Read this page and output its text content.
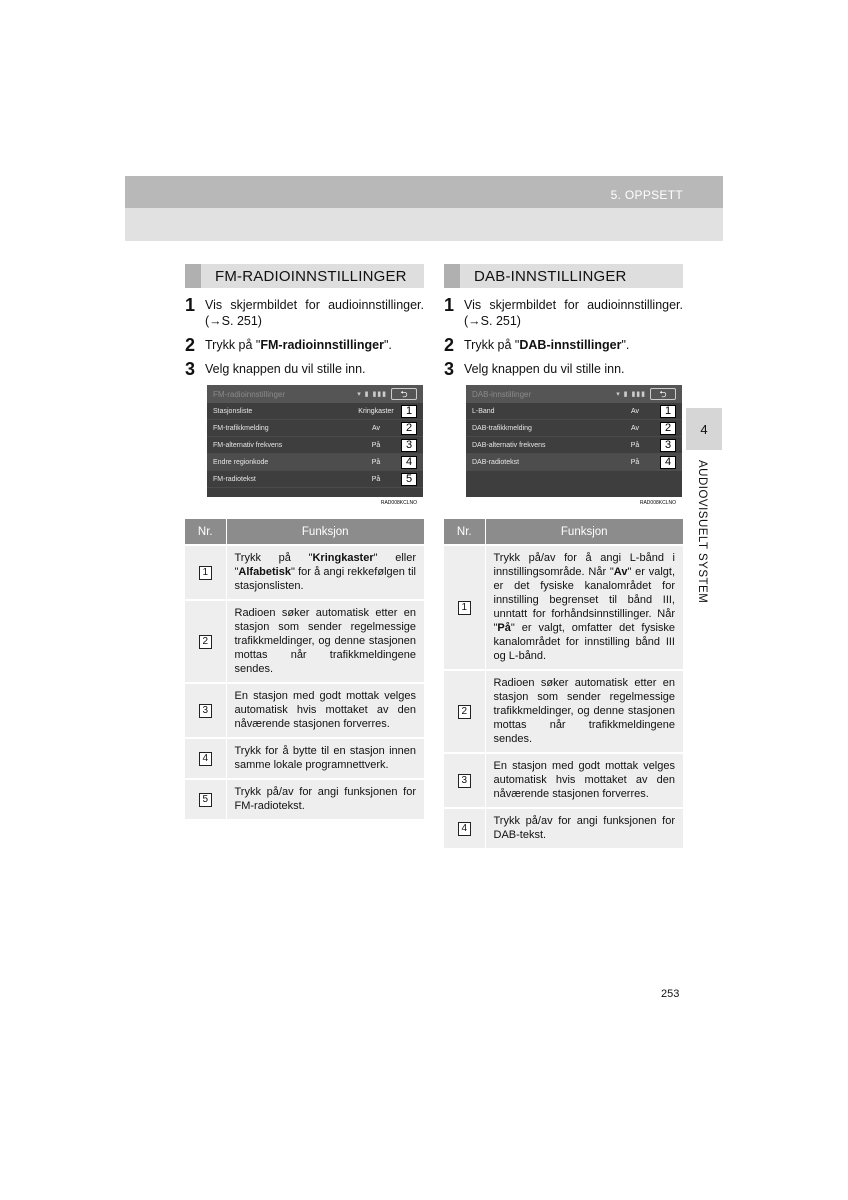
5. OPPSETT
FM-RADIOINNSTILLINGER
1 Vis skjermbildet for audioinnstillinger. (→S. 251)
2 Trykk på "FM-radioinnstillinger".
3 Velg knappen du vil stille inn.
FM-radioinnstillinger	▾ ▮ ▮▮▮	⮌
Stasjonsliste	Kringkaster	1
FM-trafikkmelding	Av	2
FM-alternativ frekvens	På	3
Endre regionkode	På	4
FM-radiotekst	På	5
RAD008KCLNO
Nr.	Funksjon
1	Trykk på "Kringkaster" eller "Alfabetisk" for å angi rekkefølgen til stasjonslisten.
2	Radioen søker automatisk etter en stasjon som sender regelmessige trafikkmeldinger, og denne stasjonen mottas når trafikkmeldingene sendes.
3	En stasjon med godt mottak velges automatisk hvis mottaket av den nåværende stasjonen forverres.
4	Trykk for å bytte til en stasjon innen samme lokale programnettverk.
5	Trykk på/av for angi funksjonen for FM-radiotekst.
DAB-INNSTILLINGER
1 Vis skjermbildet for audioinnstillinger. (→S. 251)
2 Trykk på "DAB-innstillinger".
3 Velg knappen du vil stille inn.
DAB-innstillinger	▾ ▮ ▮▮▮	⮌
L-Band	Av	1
DAB-trafikkmelding	Av	2
DAB-alternativ frekvens	På	3
DAB-radiotekst	På	4
RAD008KCLNO
Nr.	Funksjon
1	Trykk på/av for å angi L-bånd i innstillingsområde. Når "Av" er valgt, er det fysiske kanalområdet for innstilling begrenset til bånd III, unntatt for forhåndsinnstillinger. Når "På" er valgt, omfatter det fysiske kanalområdet for innstilling bånd III og L-bånd.
2	Radioen søker automatisk etter en stasjon som sender regelmessige trafikkmeldinger, og denne stasjonen mottas når trafikkmeldingene sendes.
3	En stasjon med godt mottak velges automatisk hvis mottaket av den nåværende stasjonen forverres.
4	Trykk på/av for angi funksjonen for DAB-tekst.
4
AUDIOVISUELT SYSTEM
253
